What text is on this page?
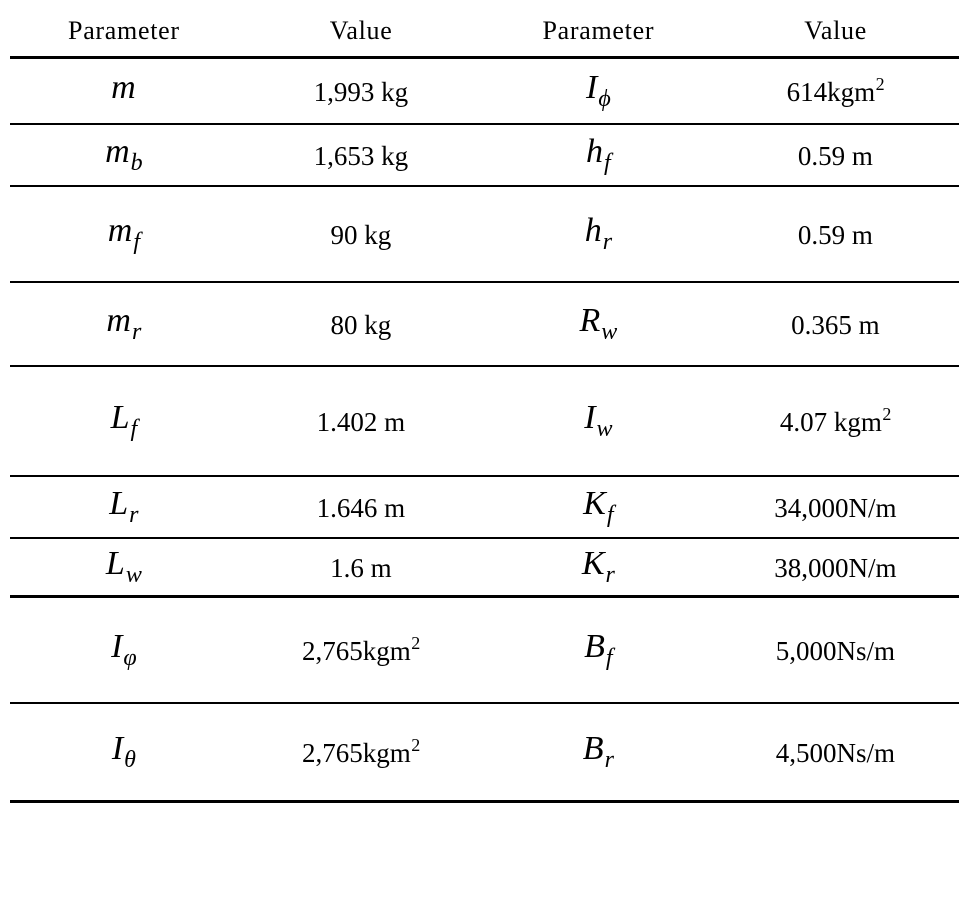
Parameter	Value	Parameter	Value
m	1,993 kg	$I_\phi$	614kgm$^2$
$m_b$	1,653 kg	$h_f$	0.59 m
$m_f$	90 kg	$h_r$	0.59 m
$m_r$	80 kg	$R_w$	0.365 m
$L_f$	1.402 m	$I_w$	4.07 kgm$^2$
$L_r$	1.646 m	$K_f$	34,000N/m
$L_w$	1.6 m	$K_r$	38,000N/m
$I_\varphi$	2,765kgm$^2$	$B_f$	5,000Ns/m
$I_\theta$	2,765kgm$^2$	$B_r$	4,500Ns/m
